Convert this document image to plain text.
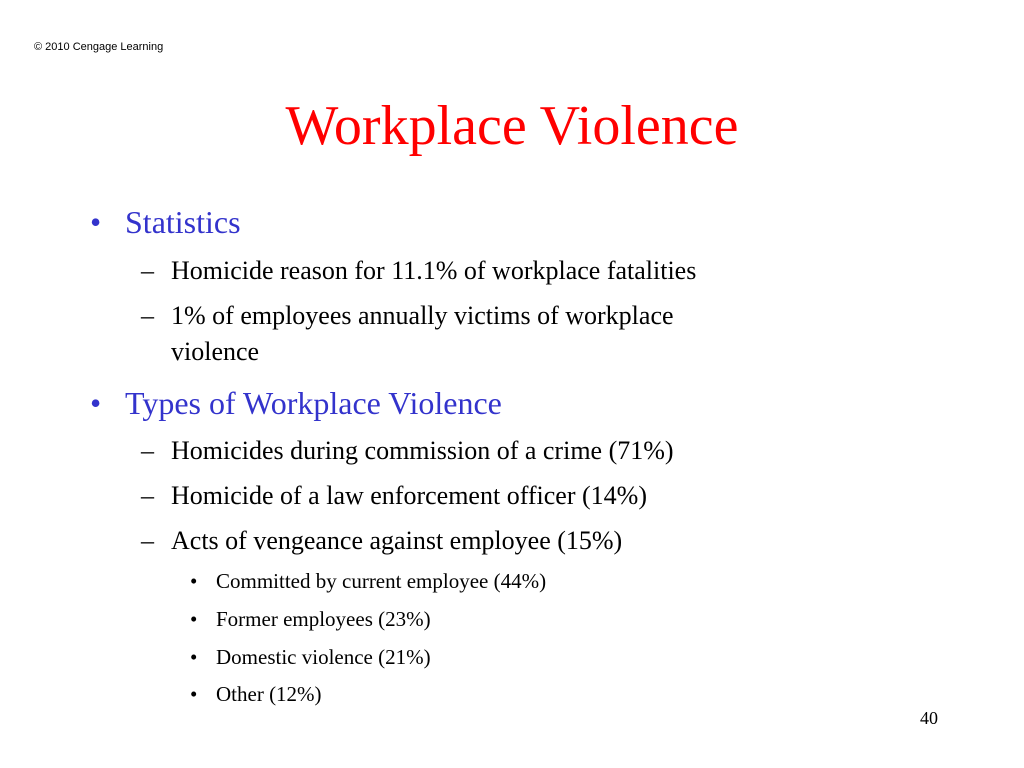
© 2010 Cengage Learning
Workplace Violence
• Statistics
– Homicide reason for 11.1% of workplace fatalities
– 1% of employees annually victims of workplace
violence
• Types of Workplace Violence
– Homicides during commission of a crime (71%)
– Homicide of a law enforcement officer (14%)
– Acts of vengeance against employee (15%)
• Committed by current employee (44%)
• Former employees (23%)
• Domestic violence (21%)
• Other (12%)
40
